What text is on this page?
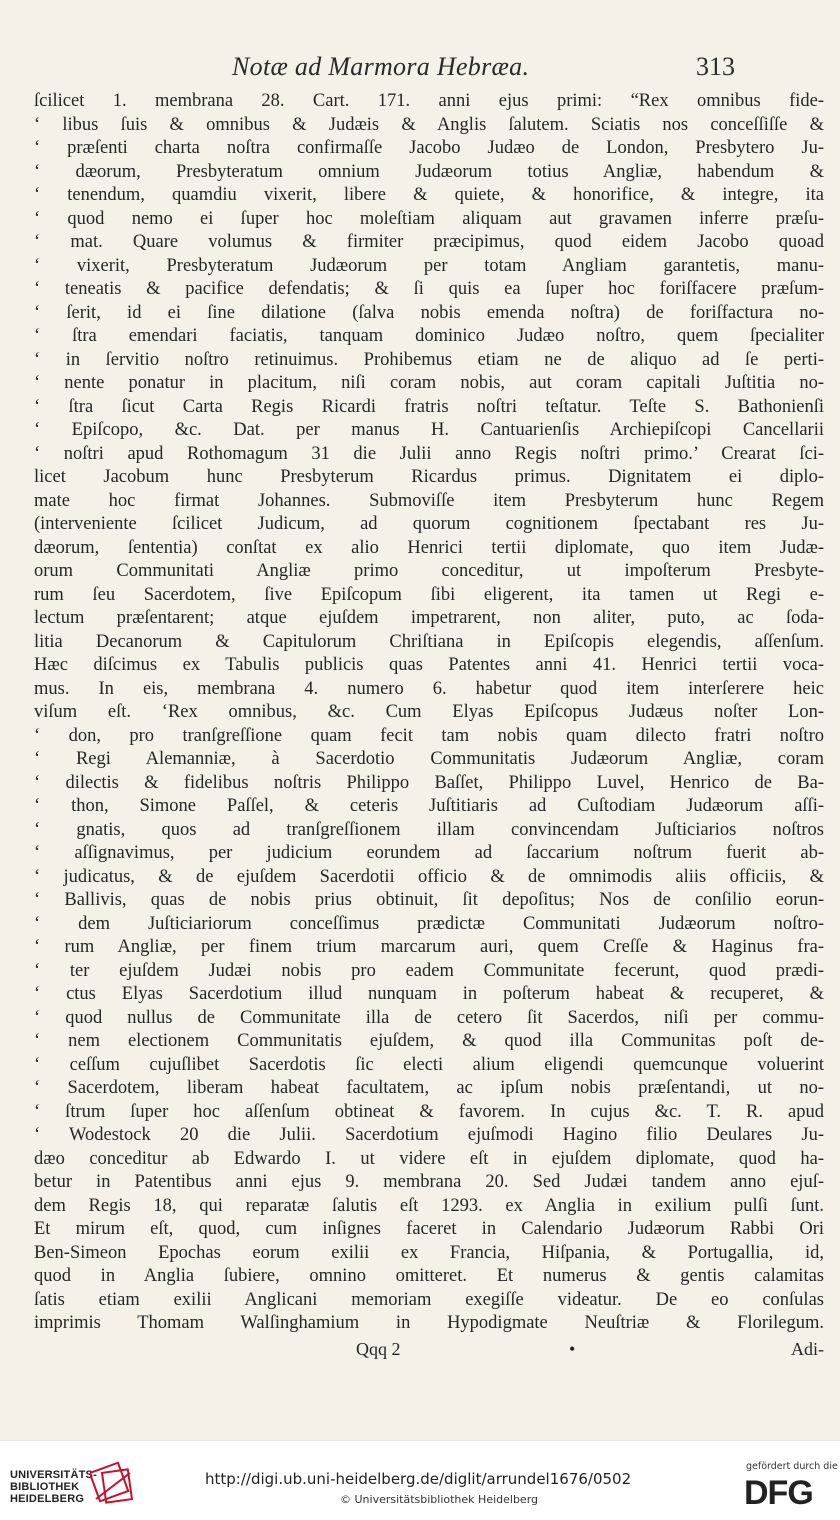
Notæ ad Marmora Hebræa.	313
ſcilicet 1. membrana 28. Cart. 171. anni ejus primi: “Rex omnibus fide-
‘ libus ſuis & omnibus & Judæis & Anglis ſalutem. Sciatis nos conceſſiſſe &
‘ præſenti charta noſtra confirmaſſe Jacobo Judæo de London, Presbytero Ju-
‘ dæorum, Presbyteratum omnium Judæorum totius Angliæ, habendum &
‘ tenendum, quamdiu vixerit, libere & quiete, & honorifice, & integre, ita
‘ quod nemo ei ſuper hoc moleſtiam aliquam aut gravamen inferre præſu-
‘ mat. Quare volumus & firmiter præcipimus, quod eidem Jacobo quoad
‘ vixerit, Presbyteratum Judæorum per totam Angliam garantetis, manu-
‘ teneatis & pacifice defendatis; & ſi quis ea ſuper hoc foriſfacere præſum-
‘ ſerit, id ei ſine dilatione (ſalva nobis emenda noſtra) de foriſfactura no-
‘ ſtra emendari faciatis, tanquam dominico Judæo noſtro, quem ſpecialiter
‘ in ſervitio noſtro retinuimus. Prohibemus etiam ne de aliquo ad ſe perti-
‘ nente ponatur in placitum, niſi coram nobis, aut coram capitali Juſtitia no-
‘ ſtra ſicut Carta Regis Ricardi fratris noſtri teſtatur. Teſte S. Bathonienſi
‘ Epiſcopo, &c. Dat. per manus H. Cantuarienſis Archiepiſcopi Cancellarii
‘ noſtri apud Rothomagum 31 die Julii anno Regis noſtri primo.’ Crearat ſci-
licet Jacobum hunc Presbyterum Ricardus primus. Dignitatem ei diplo-
mate hoc firmat Johannes. Submoviſſe item Presbyterum hunc Regem
(interveniente ſcilicet Judicum, ad quorum cognitionem ſpectabant res Ju-
dæorum, ſententia) conſtat ex alio Henrici tertii diplomate, quo item Judæ-
orum Communitati Angliæ primo conceditur, ut impoſterum Presbyte-
rum ſeu Sacerdotem, ſive Epiſcopum ſibi eligerent, ita tamen ut Regi e-
lectum præſentarent; atque ejuſdem impetrarent, non aliter, puto, ac ſoda-
litia Decanorum & Capitulorum Chriſtiana in Epiſcopis elegendis, aſſenſum.
Hæc diſcimus ex Tabulis publicis quas Patentes anni 41. Henrici tertii voca-
mus. In eis, membrana 4. numero 6. habetur quod item interſerere heic
viſum eſt. ‘Rex omnibus, &c. Cum Elyas Epiſcopus Judæus noſter Lon-
‘ don, pro tranſgreſſione quam fecit tam nobis quam dilecto fratri noſtro
‘ Regi Alemanniæ, à Sacerdotio Communitatis Judæorum Angliæ, coram
‘ dilectis & fidelibus noſtris Philippo Baſſet, Philippo Luvel, Henrico de Ba-
‘ thon, Simone Paſſel, & ceteris Juſtitiaris ad Cuſtodiam Judæorum aſſi-
‘ gnatis, quos ad tranſgreſſionem illam convincendam Juſticiarios noſtros
‘ aſſignavimus, per judicium eorundem ad ſaccarium noſtrum fuerit ab-
‘ judicatus, & de ejuſdem Sacerdotii officio & de omnimodis aliis officiis, &
‘ Ballivis, quas de nobis prius obtinuit, ſit depoſitus; Nos de conſilio eorun-
‘ dem Juſticiariorum conceſſimus prædictæ Communitati Judæorum noſtro-
‘ rum Angliæ, per finem trium marcarum auri, quem Creſſe & Haginus fra-
‘ ter ejuſdem Judæi nobis pro eadem Communitate fecerunt, quod prædi-
‘ ctus Elyas Sacerdotium illud nunquam in poſterum habeat & recuperet, &
‘ quod nullus de Communitate illa de cetero ſit Sacerdos, niſi per commu-
‘ nem electionem Communitatis ejuſdem, & quod illa Communitas poſt de-
‘ ceſſum cujuſlibet Sacerdotis ſic electi alium eligendi quemcunque voluerint
‘ Sacerdotem, liberam habeat facultatem, ac ipſum nobis præſentandi, ut no-
‘ ſtrum ſuper hoc aſſenſum obtineat & favorem. In cujus &c. T. R. apud
‘ Wodestock 20 die Julii. Sacerdotium ejuſmodi Hagino filio Deulares Ju-
dæo conceditur ab Edwardo I. ut videre eſt in ejuſdem diplomate, quod ha-
betur in Patentibus anni ejus 9. membrana 20. Sed Judæi tandem anno ejuſ-
dem Regis 18, qui reparatæ ſalutis eſt 1293. ex Anglia in exilium pulſi ſunt.
Et mirum eſt, quod, cum inſignes faceret in Calendario Judæorum Rabbi Ori
Ben-Simeon Epochas eorum exilii ex Francia, Hiſpania, & Portugallia, id,
quod in Anglia ſubiere, omnino omitteret. Et numerus & gentis calamitas
ſatis etiam exilii Anglicani memoriam exegiſſe videatur. De eo conſulas
imprimis Thomam Walſinghamium in Hypodigmate Neuſtriæ & Florilegum.
Qqq 2	•	Adi-
UNIVERSITÄTS-
BIBLIOTHEK
HEIDELBERG
http://digi.ub.uni-heidelberg.de/diglit/arrundel1676/0502
© Universitätsbibliothek Heidelberg
gefördert durch die
DFG
